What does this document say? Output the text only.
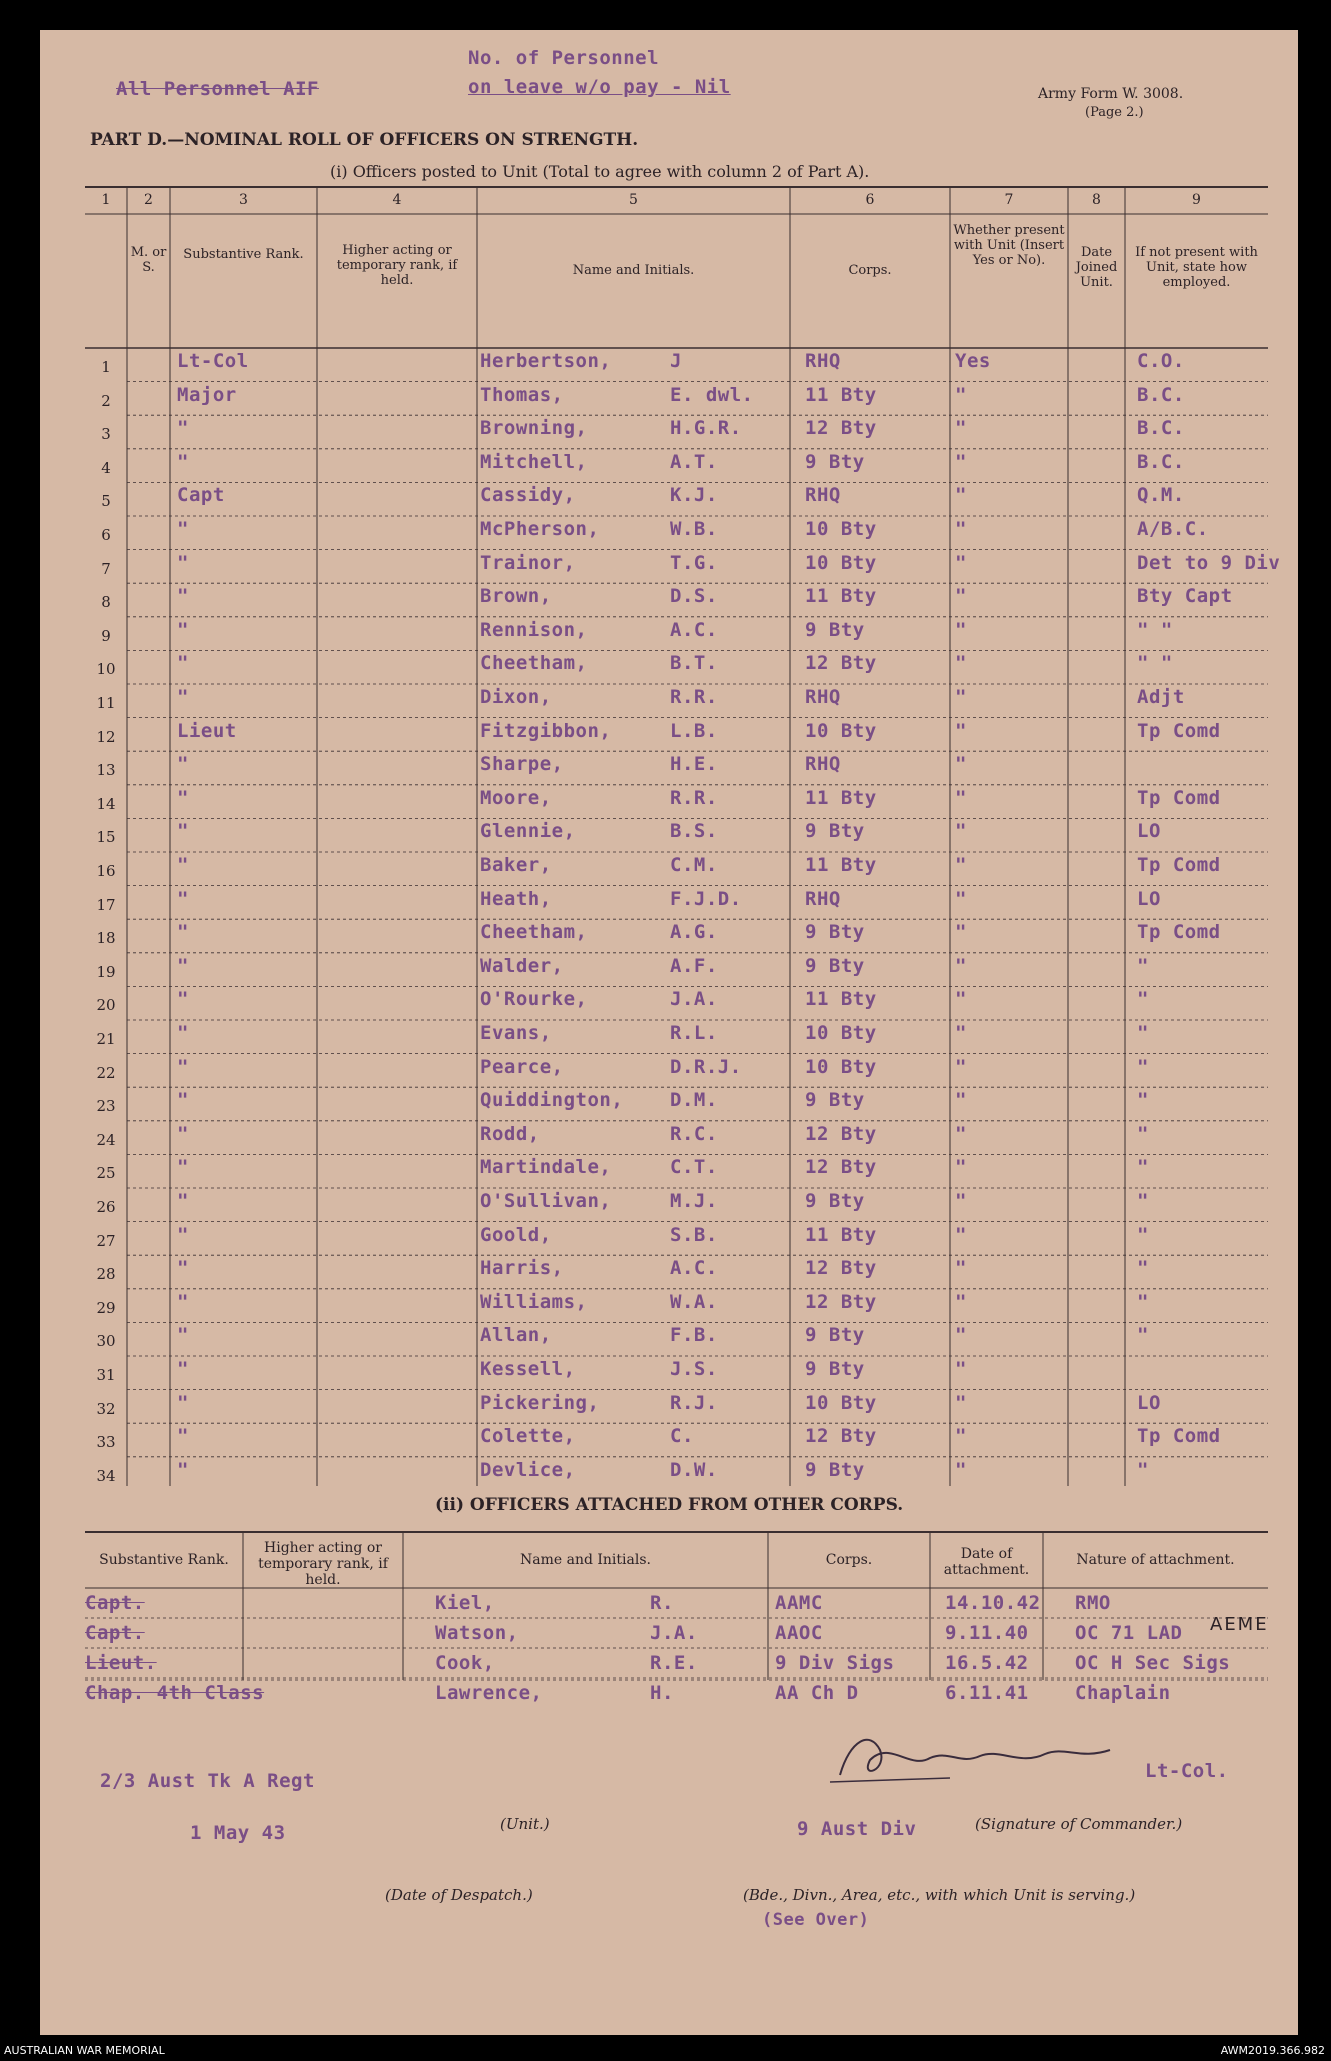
All Personnel AIF
No. of Personnel
on leave w/o pay - Nil	Army Form W. 3008.
(Page 2.)
PART D.—NOMINAL ROLL OF OFFICERS ON STRENGTH.
(i) Officers posted to Unit (Total to agree with column 2 of Part A).
1	2	3	4	5	6	7	8	9
M. or S.
Substantive Rank.	Higher acting or temporary rank, if held.
Name and Initials.	Corps.
Whether present with Unit (Insert Yes or No).
Date Joined Unit.
If not present with Unit, state how employed.
1	Lt-Col	Herbertson,	J	RHQ	Yes	C.O.
2	Major	Thomas,	E. dwl.	11 Bty	"	B.C.
3	"	Browning,	H.G.R.	12 Bty	"	B.C.
4	"	Mitchell,	A.T.	9 Bty	"	B.C.
5	Capt	Cassidy,	K.J.	RHQ	"	Q.M.
6	"	McPherson,	W.B.	10 Bty	"	A/B.C.
7	"	Trainor,	T.G.	10 Bty	"	Det to 9 Div
8	"	Brown,	D.S.	11 Bty	"	Bty Capt
9	"	Rennison,	A.C.	9 Bty	"	" "
10	"	Cheetham,	B.T.	12 Bty	"	" "
11	"	Dixon,	R.R.	RHQ	"	Adjt
12	Lieut	Fitzgibbon,	L.B.	10 Bty	"	Tp Comd
13	"	Sharpe,	H.E.	RHQ	"
14	"	Moore,	R.R.	11 Bty	"	Tp Comd
15	"	Glennie,	B.S.	9 Bty	"	LO
16	"	Baker,	C.M.	11 Bty	"	Tp Comd
17	"	Heath,	F.J.D.	RHQ	"	LO
18	"	Cheetham,	A.G.	9 Bty	"	Tp Comd
19	"	Walder,	A.F.	9 Bty	"	"
20	"	O'Rourke,	J.A.	11 Bty	"	"
21	"	Evans,	R.L.	10 Bty	"	"
22	"	Pearce,	D.R.J.	10 Bty	"	"
23	"	Quiddington, D.M.	9 Bty	"	"
24	"	Rodd,	R.C.	12 Bty	"	"
25	"	Martindale,	C.T.	12 Bty	"	"
26	"	O'Sullivan,	M.J.	9 Bty	"	"
27	"	Goold,	S.B.	11 Bty	"	"
28	"	Harris,	A.C.	12 Bty	"	"
29	"	Williams,	W.A.	12 Bty	"	"
30	"	Allan,	F.B.	9 Bty	"	"
31	"	Kessell,	J.S.	9 Bty	"
32	"	Pickering,	R.J.	10 Bty	"	LO
33	"	Colette,	C.	12 Bty	"	Tp Comd
34	"	Devlice,	D.W.	9 Bty	"	"
(ii) OFFICERS ATTACHED FROM OTHER CORPS.
Substantive Rank.
Higher acting or temporary rank, if held.
Name and Initials.	Corps.	Date of attachment.
Nature of attachment.
Capt.	Kiel,	R.	AAMC	14.10.42 RMO
Capt.	Watson,	J.A.	AAOC	9.11.40 OC 71 LAD AEME
Lieut.	Cook,	R.E.	9 Div Sigs	16.5.42 OC H Sec Sigs
Chap. 4th Class	Lawrence,	H.	AA Ch D	6.11.41 Chaplain
2/3 Aust Tk A Regt
(Unit.)
1 May 43
(Date of Despatch.)
Lt-Col.
(Signature of Commander.)
9 Aust Div
(Bde., Divn., Area, etc., with which Unit is serving.)
(See Over)
AUSTRALIAN WAR MEMORIAL	AWM2019.366.982
